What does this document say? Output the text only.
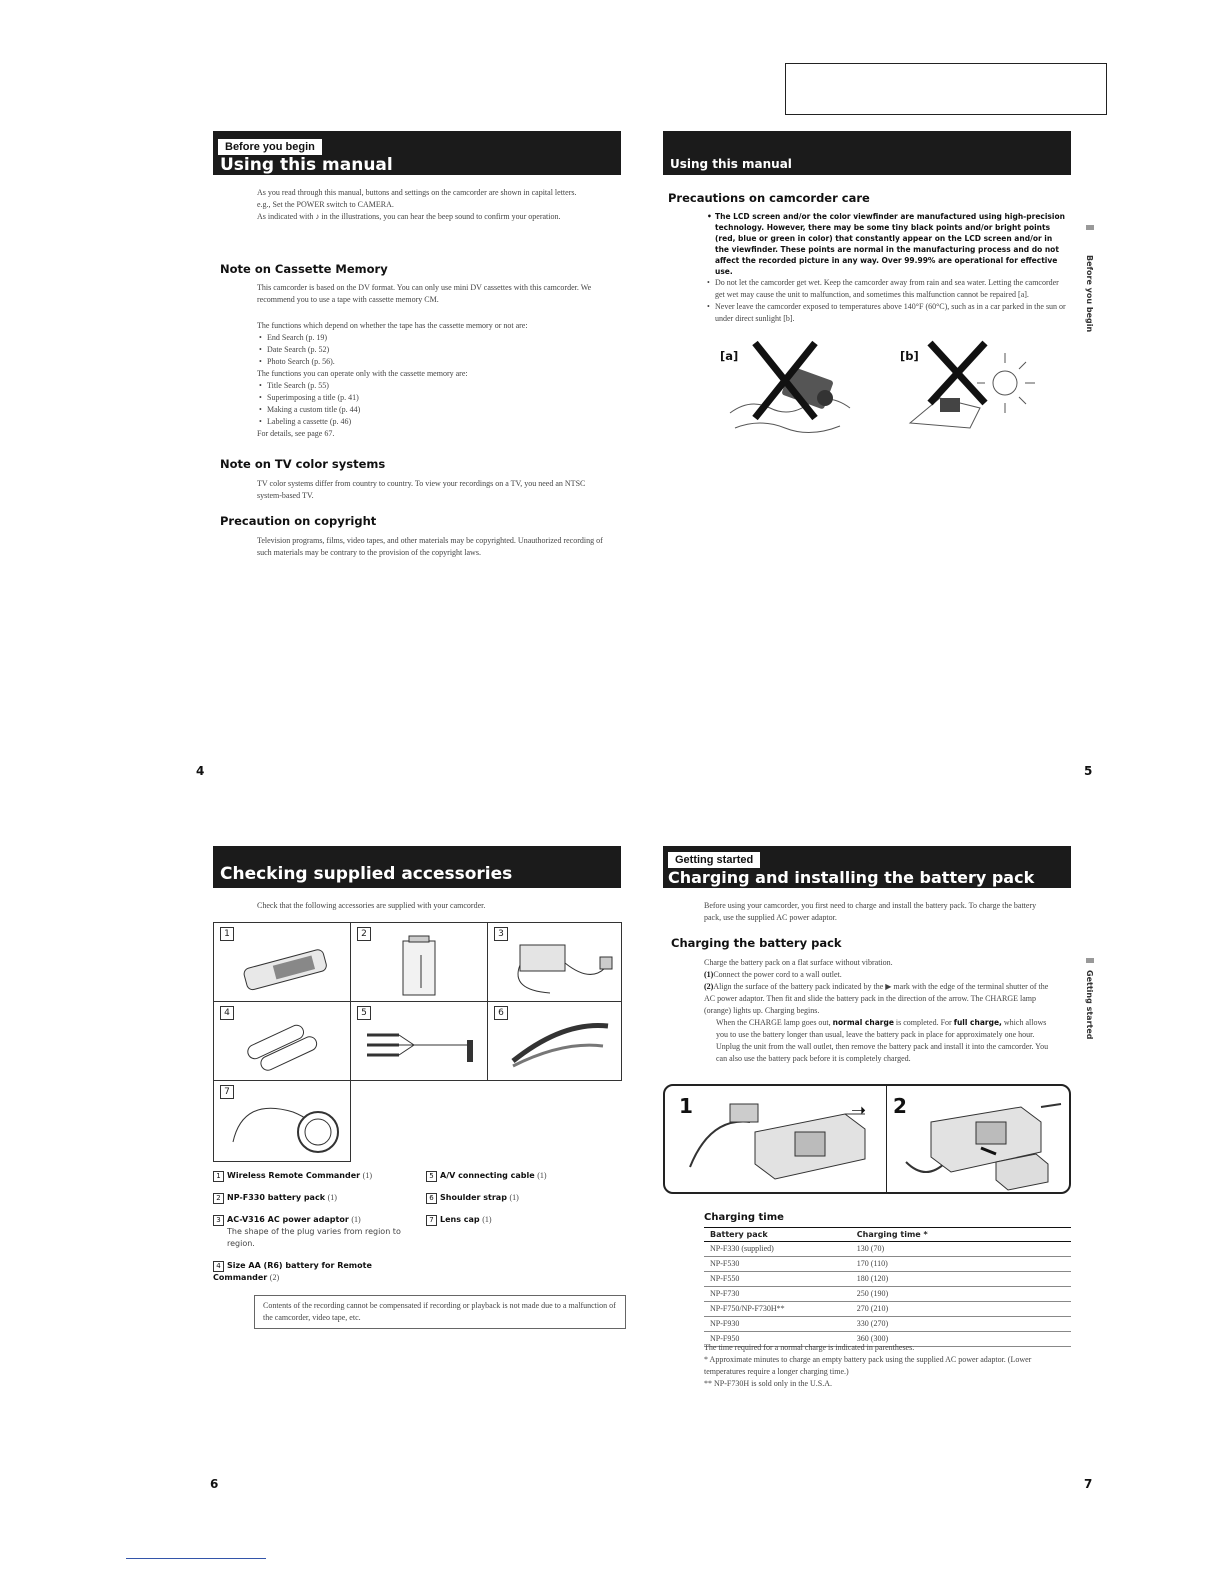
Before you begin
Using this manual
As you read through this manual, buttons and settings on the camcorder are shown in capital letters.
e.g., Set the POWER switch to CAMERA.
As indicated with ♪ in the illustrations, you can hear the beep sound to confirm your operation.
Note on Cassette Memory
This camcorder is based on the DV format. You can only use mini DV cassettes with this camcorder. We recommend you to use a tape with cassette memory CM.
The functions which depend on whether the tape has the cassette memory or not are:
• End Search (p. 19)
• Date Search (p. 52)
• Photo Search (p. 56).
The functions you can operate only with the cassette memory are:
• Title Search (p. 55)
• Superimposing a title (p. 41)
• Making a custom title (p. 44)
• Labeling a cassette (p. 46)
For details, see page 67.
Note on TV color systems
TV color systems differ from country to country. To view your recordings on a TV, you need an NTSC system-based TV.
Precaution on copyright
Television programs, films, video tapes, and other materials may be copyrighted. Unauthorized recording of such materials may be contrary to the provision of the copyright laws.
4
Using this manual
Precautions on camcorder care
• The LCD screen and/or the color viewfinder are manufactured using high-precision technology. However, there may be some tiny black points and/or bright points (red, blue or green in color) that constantly appear on the LCD screen and/or in the viewfinder. These points are normal in the manufacturing process and do not affect the recorded picture in any way. Over 99.99% are operational for effective use.
• Do not let the camcorder get wet. Keep the camcorder away from rain and sea water. Letting the camcorder get wet may cause the unit to malfunction, and sometimes this malfunction cannot be repaired [a].
• Never leave the camcorder exposed to temperatures above 140°F (60°C), such as in a car parked in the sun or under direct sunlight [b].	Before you begin
[a]	[b]
5
Checking supplied accessories
Check that the following accessories are supplied with your camcorder.
1	2	3
4	5	6
7
1 Wireless Remote Commander (1)
2 NP-F330 battery pack (1)
3 AC-V316 AC power adaptor (1)
The shape of the plug varies from region to region.
4 Size AA (R6) battery for Remote Commander (2)
5 A/V connecting cable (1)
6 Shoulder strap (1)
7 Lens cap (1)
Contents of the recording cannot be compensated if recording or playback is not made due to a malfunction of the camcorder, video tape, etc.
6
Getting started
Charging and installing the battery pack
Before using your camcorder, you first need to charge and install the battery pack. To charge the battery pack, use the supplied AC power adaptor.
Charging the battery pack
Charge the battery pack on a flat surface without vibration.
(1)Connect the power cord to a wall outlet.
(2)Align the surface of the battery pack indicated by the ▶ mark with the edge of the terminal shutter of the AC power adaptor. Then fit and slide the battery pack in the direction of the arrow. The CHARGE lamp (orange) lights up. Charging begins.
When the CHARGE lamp goes out, normal charge is completed. For full charge, which allows you to use the battery longer than usual, leave the battery pack in place for approximately one hour. Unplug the unit from the wall outlet, then remove the battery pack and install it into the camcorder. You can also use the battery pack before it is completely charged.
Getting started
1	➝ 2
Charging time
Battery pack	Charging time *
NP-F330 (supplied)	130 (70)
NP-F530	170 (110)
NP-F550	180 (120)
NP-F730	250 (190)
NP-F750/NP-F730H**	270 (210)
NP-F930	330 (270)
NP-F950	360 (300)
The time required for a normal charge is indicated in parentheses.
* Approximate minutes to charge an empty battery pack using the supplied AC power adaptor. (Lower temperatures require a longer charging time.)
** NP-F730H is sold only in the U.S.A.
7
